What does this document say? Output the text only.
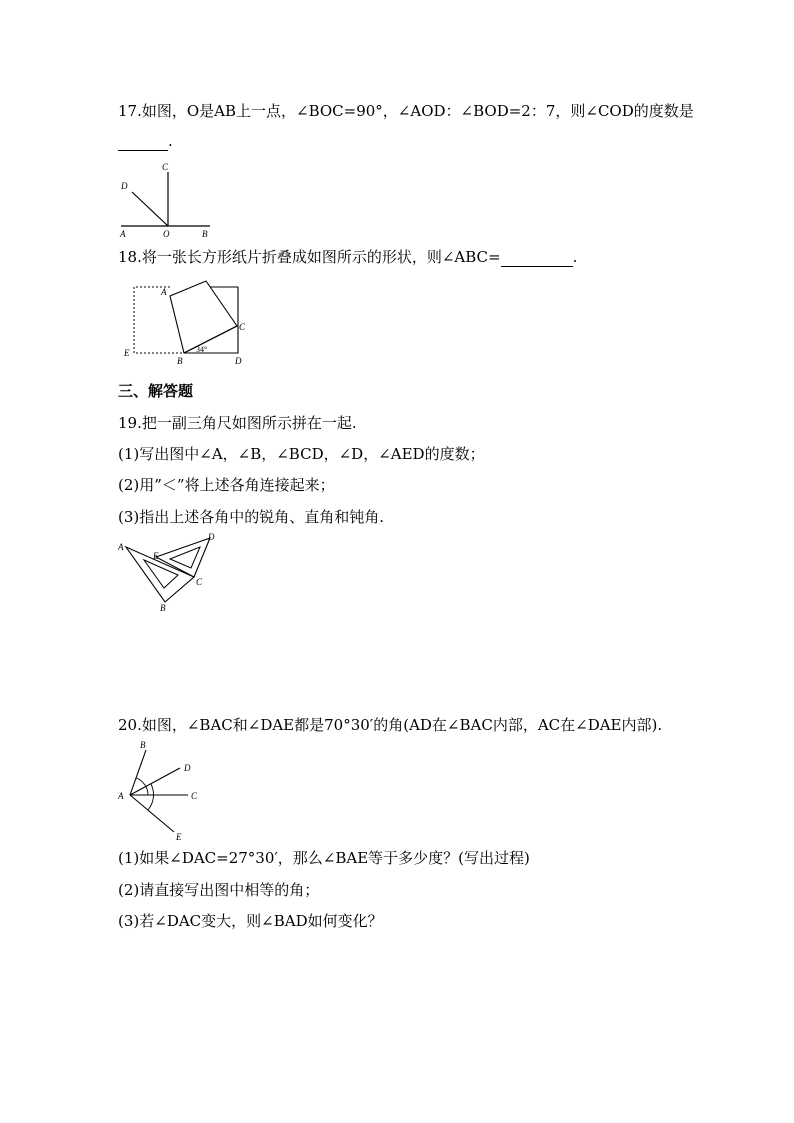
17.如图，O是AB上一点，∠BOC=90°，∠AOD：∠BOD=2：7，则∠COD的度数是
.
C
D
A	O	B
18.将一张长方形纸片折叠成如图所示的形状，则∠ABC=	.
A
C
E
B	D
34°
三、解答题
19.把一副三角尺如图所示拼在一起.
(1)写出图中∠A，∠B，∠BCD，∠D，∠AED的度数；
(2)用”＜”将上述各角连接起来；
(3)指出上述各角中的锐角、直角和钝角.
A
E
D
C
B
20.如图，∠BAC和∠DAE都是70°30′的角(AD在∠BAC内部，AC在∠DAE内部).
B
D
A	C
E
(1)如果∠DAC=27°30′，那么∠BAE等于多少度？(写出过程)
(2)请直接写出图中相等的角；
(3)若∠DAC变大，则∠BAD如何变化？
